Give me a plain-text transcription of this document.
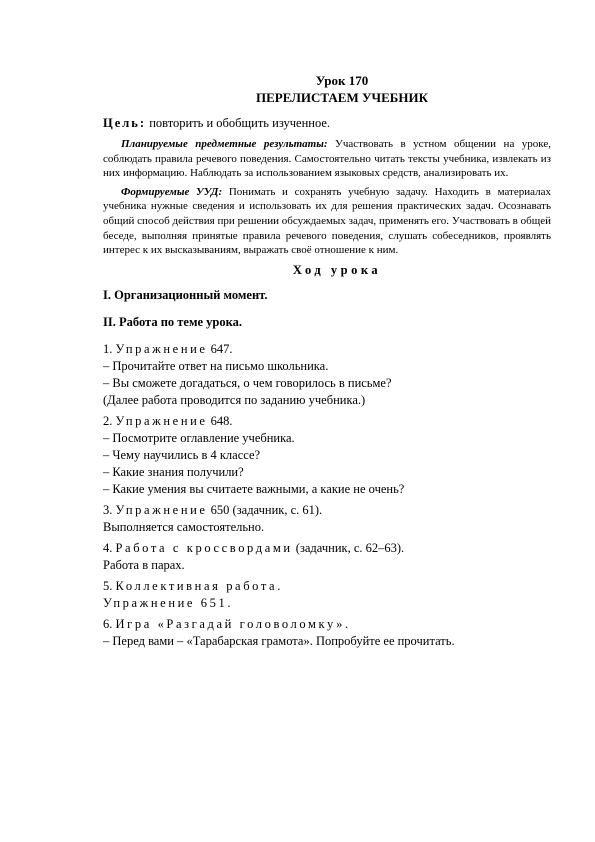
Урок 170
ПЕРЕЛИСТАЕМ УЧЕБНИК
Цель: повторить и обобщить изученное.
Планируемые предметные результаты: Участвовать в устном общении на уроке, соблюдать правила речевого поведения. Самостоятельно читать тексты учебника, извлекать из них информацию. Наблюдать за использованием языковых средств, анализировать их.
Формируемые УУД: Понимать и сохранять учебную задачу. Находить в материалах учебника нужные сведения и использовать их для решения практических задач. Осознавать общий способ действия при решении обсуждаемых задач, применять его. Участвовать в общей беседе, выполняя принятые правила речевого поведения, слушать собеседников, проявлять интерес к их высказываниям, выражать своё отношение к ним.
Ход урока
I. Организационный момент.
II. Работа по теме урока.
1. Упражнение 647.
– Прочитайте ответ на письмо школьника.
– Вы сможете догадаться, о чем говорилось в письме?
(Далее работа проводится по заданию учебника.)
2. Упражнение 648.
– Посмотрите оглавление учебника.
– Чему научились в 4 классе?
– Какие знания получили?
– Какие умения вы считаете важными, а какие не очень?
3. Упражнение 650 (задачник, с. 61).
Выполняется самостоятельно.
4. Работа с кроссвордами (задачник, с. 62–63).
Работа в парах.
5. Коллективная работа.
Упражнение 651.
6. Игра «Разгадай головоломку».
– Перед вами – «Тарабарская грамота». Попробуйте ее прочитать.
